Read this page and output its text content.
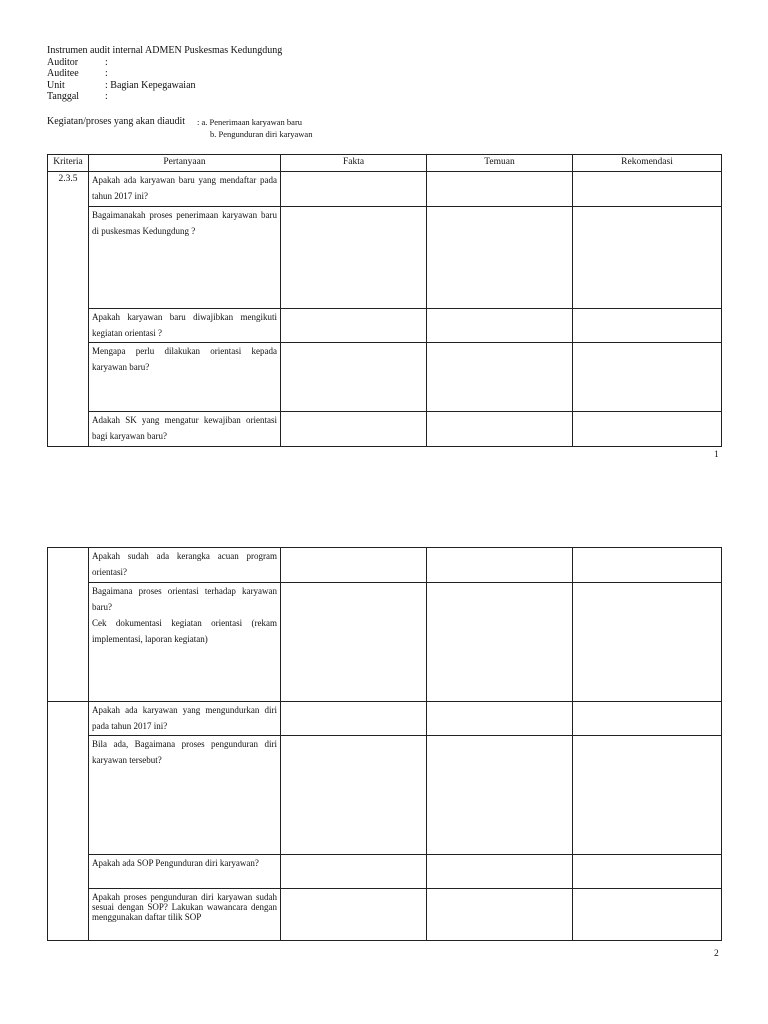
Instrumen audit internal ADMEN Puskesmas Kedungdung
Auditor	:
Auditee	:
Unit	: Bagian Kepegawaian
Tanggal	:
Kegiatan/proses yang akan diaudit	: a. Penerimaan karyawan baru
b. Pengunduran diri karyawan
Kriteria	Pertanyaan	Fakta	Temuan	Rekomendasi
2.3.5	Apakah ada karyawan baru yang mendaftar pada tahun 2017 ini?			
	Bagaimanakah proses penerimaan karyawan baru di puskesmas Kedungdung ?			
	Apakah karyawan baru diwajibkan mengikuti kegiatan orientasi ?			
	Mengapa perlu dilakukan orientasi kepada karyawan baru?			
	Adakah SK yang mengatur kewajiban orientasi bagi karyawan baru?			
1

	Apakah sudah ada kerangka acuan program orientasi?			

	Bagaimana proses orientasi terhadap karyawan baru?
Cek dokumentasi kegiatan orientasi (rekam implementasi, laporan kegiatan)			

	Apakah ada karyawan yang mengundurkan diri pada tahun 2017 ini?			

	Bila ada, Bagaimana proses pengunduran diri karyawan tersebut?			

	Apakah ada SOP Pengunduran diri karyawan?			

	Apakah proses pengunduran diri karyawan sudah sesuai dengan SOP? Lakukan wawancara dengan menggunakan daftar tilik SOP			

2
